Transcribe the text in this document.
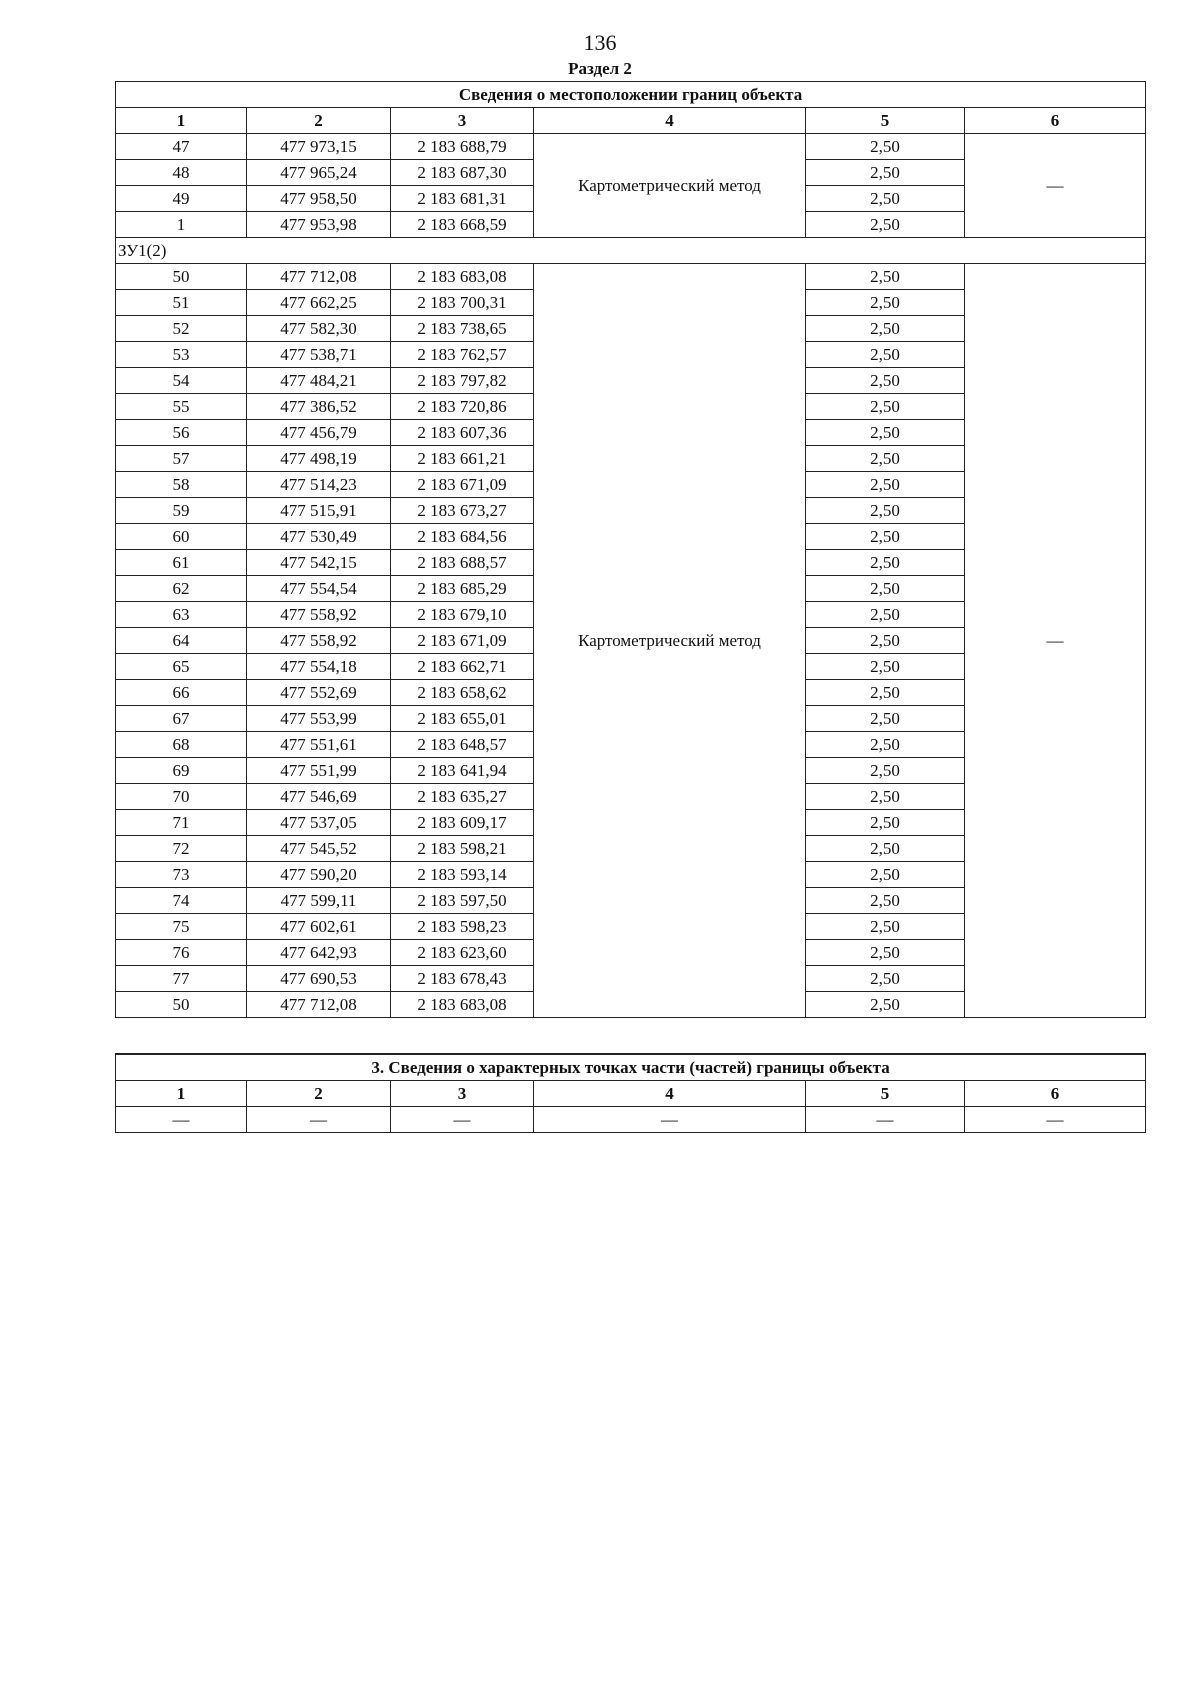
136
Раздел 2
Сведения о местоположении границ объекта					
1	2	3	4	5	6
47	477 973,15	2 183 688,79	Картометрический метод	2,50	—
48	477 965,24	2 183 687,30		2,50	
49	477 958,50	2 183 681,31		2,50	
1	477 953,98	2 183 668,59		2,50	
ЗУ1(2)					
50	477 712,08	2 183 683,08	Картометрический метод	2,50	—
51	477 662,25	2 183 700,31		2,50	
52	477 582,30	2 183 738,65		2,50	
53	477 538,71	2 183 762,57		2,50	
54	477 484,21	2 183 797,82		2,50	
55	477 386,52	2 183 720,86		2,50	
56	477 456,79	2 183 607,36		2,50	
57	477 498,19	2 183 661,21		2,50	
58	477 514,23	2 183 671,09		2,50	
59	477 515,91	2 183 673,27		2,50	
60	477 530,49	2 183 684,56		2,50	
61	477 542,15	2 183 688,57		2,50	
62	477 554,54	2 183 685,29		2,50	
63	477 558,92	2 183 679,10		2,50	
64	477 558,92	2 183 671,09		2,50	
65	477 554,18	2 183 662,71		2,50	
66	477 552,69	2 183 658,62		2,50	
67	477 553,99	2 183 655,01		2,50	
68	477 551,61	2 183 648,57		2,50	
69	477 551,99	2 183 641,94		2,50	
70	477 546,69	2 183 635,27		2,50	
71	477 537,05	2 183 609,17		2,50	
72	477 545,52	2 183 598,21		2,50	
73	477 590,20	2 183 593,14		2,50	
74	477 599,11	2 183 597,50		2,50	
75	477 602,61	2 183 598,23		2,50	
76	477 642,93	2 183 623,60		2,50	
77	477 690,53	2 183 678,43		2,50	
50	477 712,08	2 183 683,08		2,50	
3. Сведения о характерных точках части (частей) границы объекта					
1	2	3	4	5	6
—	—	—	—	—	—
